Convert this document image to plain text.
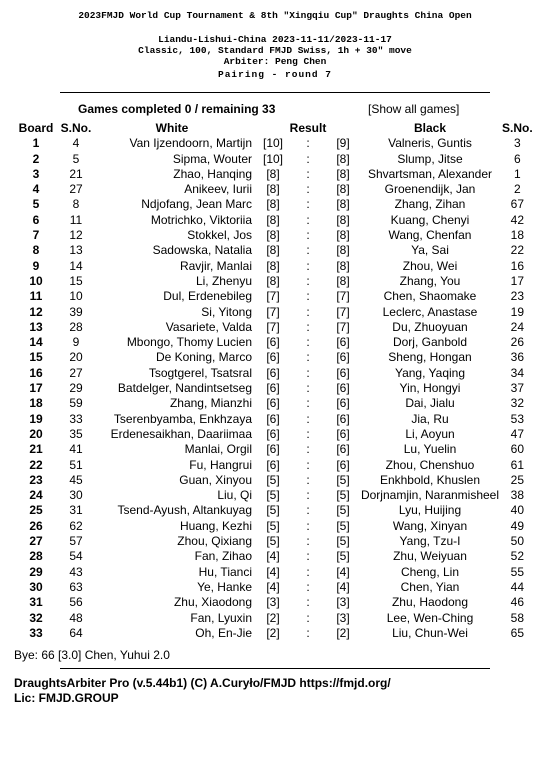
2023FMJD World Cup Tournament & 8th "Xingqiu Cup" Draughts China Open
Liandu-Lishui-China 2023-11-11/2023-11-17
Classic, 100, Standard FMJD Swiss, 1h + 30" move
Arbiter: Peng Chen
Pairing - round 7
Games completed 0 / remaining 33	[Show all games]
Board	S.No.	White	Result			Black	S.No.
1	4	Van Ijzendoorn, Martijn	[10]	:	[9]	Valneris, Guntis	3
2	5	Sipma, Wouter	[10]	:	[8]	Slump, Jitse	6
3	21	Zhao, Hanqing	[8]	:	[8]	Shvartsman, Alexander	1
4	27	Anikeev, Iurii	[8]	:	[8]	Groenendijk, Jan	2
5	8	Ndjofang, Jean Marc	[8]	:	[8]	Zhang, Zihan	67
6	11	Motrichko, Viktoriia	[8]	:	[8]	Kuang, Chenyi	42
7	12	Stokkel, Jos	[8]	:	[8]	Wang, Chenfan	18
8	13	Sadowska, Natalia	[8]	:	[8]	Ya, Sai	22
9	14	Ravjir, Manlai	[8]	:	[8]	Zhou, Wei	16
10	15	Li, Zhenyu	[8]	:	[8]	Zhang, You	17
11	10	Dul, Erdenebileg	[7]	:	[7]	Chen, Shaomake	23
12	39	Si, Yitong	[7]	:	[7]	Leclerc, Anastase	19
13	28	Vasariete, Valda	[7]	:	[7]	Du, Zhuoyuan	24
14	9	Mbongo, Thomy Lucien	[6]	:	[6]	Dorj, Ganbold	26
15	20	De Koning, Marco	[6]	:	[6]	Sheng, Hongan	36
16	27	Tsogtgerel, Tsatsral	[6]	:	[6]	Yang, Yaqing	34
17	29	Batdelger, Nandintsetseg	[6]	:	[6]	Yin, Hongyi	37
18	59	Zhang, Mianzhi	[6]	:	[6]	Dai, Jialu	32
19	33	Tserenbyamba, Enkhzaya	[6]	:	[6]	Jia, Ru	53
20	35	Erdenesaikhan, Daariimaa	[6]	:	[6]	Li, Aoyun	47
21	41	Manlai, Orgil	[6]	:	[6]	Lu, Yuelin	60
22	51	Fu, Hangrui	[6]	:	[6]	Zhou, Chenshuo	61
23	45	Guan, Xinyou	[5]	:	[5]	Enkhbold, Khuslen	25
24	30	Liu, Qi	[5]	:	[5]	Dorjnamjin, Naranmisheel	38
25	31	Tsend-Ayush, Altankuyag	[5]	:	[5]	Lyu, Huijing	40
26	62	Huang, Kezhi	[5]	:	[5]	Wang, Xinyan	49
27	57	Zhou, Qixiang	[5]	:	[5]	Yang, Tzu-I	50
28	54	Fan, Zihao	[4]	:	[5]	Zhu, Weiyuan	52
29	43	Hu, Tianci	[4]	:	[4]	Cheng, Lin	55
30	63	Ye, Hanke	[4]	:	[4]	Chen, Yian	44
31	56	Zhu, Xiaodong	[3]	:	[3]	Zhu, Haodong	46
32	48	Fan, Lyuxin	[2]	:	[3]	Lee, Wen-Ching	58
33	64	Oh, En-Jie	[2]	:	[2]	Liu, Chun-Wei	65
Bye: 66 [3.0] Chen, Yuhui 2.0
DraughtsArbiter Pro (v.5.44b1) (C) A.Curyło/FMJD https://fmjd.org/
Lic: FMJD.GROUP
